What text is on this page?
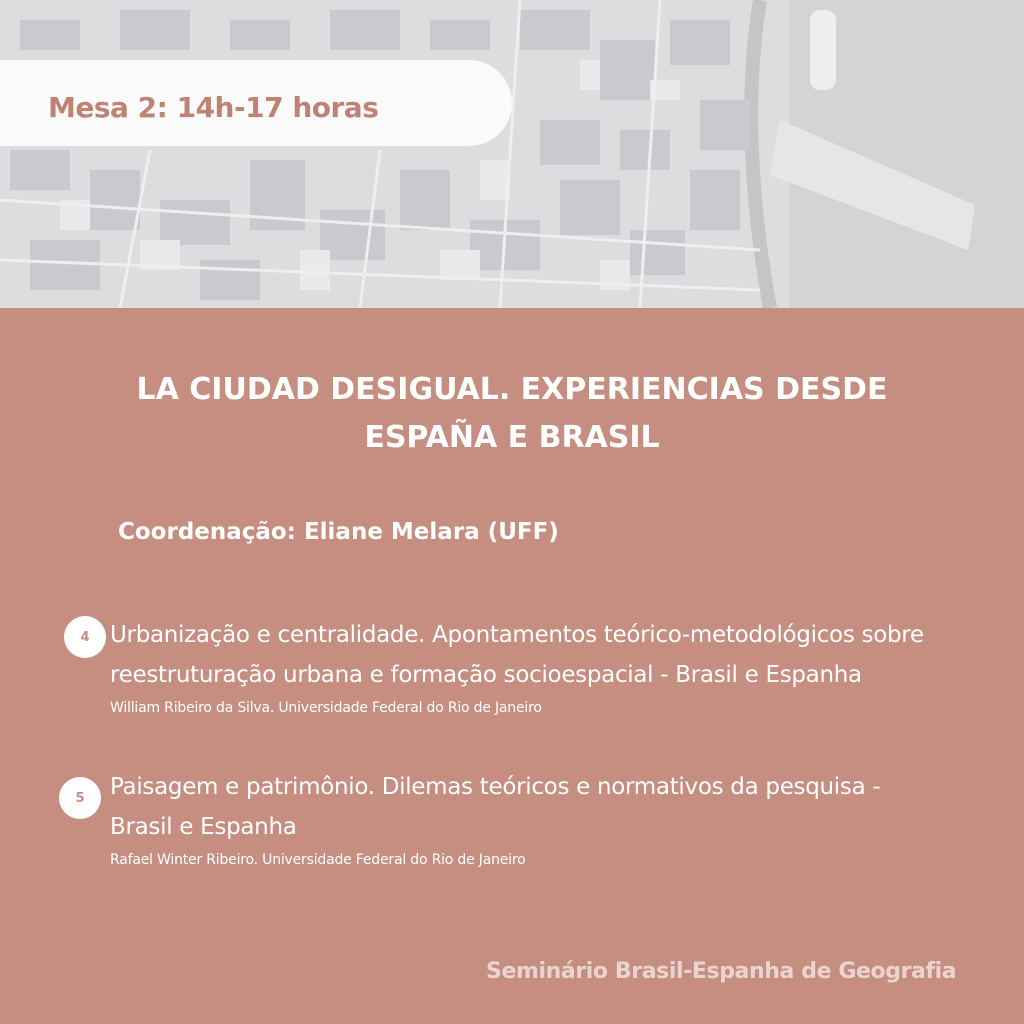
Mesa 2: 14h-17 horas
LA CIUDAD DESIGUAL. EXPERIENCIAS DESDE
ESPAÑA E BRASIL
Coordenação: Eliane Melara (UFF)
4 Urbanização e centralidade. Apontamentos teórico-metodológicos sobre
reestruturação urbana e formação socioespacial - Brasil e Espanha
William Ribeiro da Silva. Universidade Federal do Rio de Janeiro
5	Paisagem e patrimônio. Dilemas teóricos e normativos da pesquisa -
Brasil e Espanha
Rafael Winter Ribeiro. Universidade Federal do Rio de Janeiro
Seminário Brasil-Espanha de Geografia
